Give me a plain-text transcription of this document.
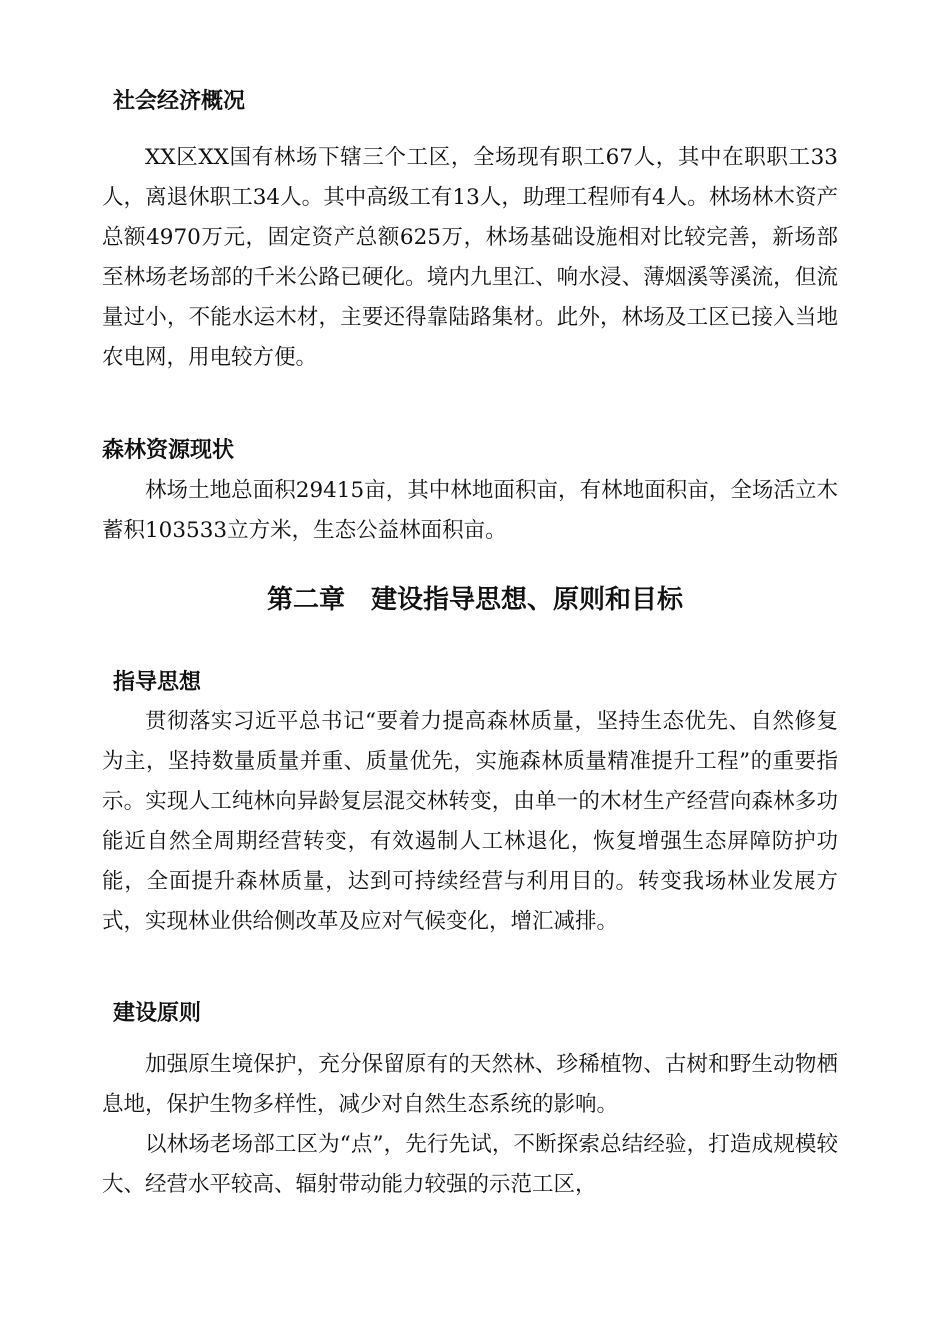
社会经济概况

XX区XX国有林场下辖三个工区，全场现有职工67人，其中在职职工33人，离退休职工34人。其中高级工有13人，助理工程师有4人。林场林木资产总额4970万元，固定资产总额625万，林场基础设施相对比较完善，新场部至林场老场部的千米公路已硬化。境内九里江、响水浸、薄烟溪等溪流，但流量过小，不能水运木材，主要还得靠陆路集材。此外，林场及工区已接入当地农电网，用电较方便。

森林资源现状

林场土地总面积29415亩，其中林地面积亩，有林地面积亩，全场活立木蓄积103533立方米，生态公益林面积亩。

第二章　建设指导思想、原则和目标
指导思想

贯彻落实习近平总书记“要着力提高森林质量，坚持生态优先、自然修复为主，坚持数量质量并重、质量优先，实施森林质量精准提升工程”的重要指示。实现人工纯林向异龄复层混交林转变，由单一的木材生产经营向森林多功能近自然全周期经营转变，有效遏制人工林退化，恢复增强生态屏障防护功能，全面提升森林质量，达到可持续经营与利用目的。转变我场林业发展方式，实现林业供给侧改革及应对气候变化，增汇减排。

建设原则

加强原生境保护，充分保留原有的天然林、珍稀植物、古树和野生动物栖息地，保护生物多样性，减少对自然生态系统的影响。

以林场老场部工区为“点”，先行先试，不断探索总结经验，打造成规模较大、经营水平较高、辐射带动能力较强的示范工区，
